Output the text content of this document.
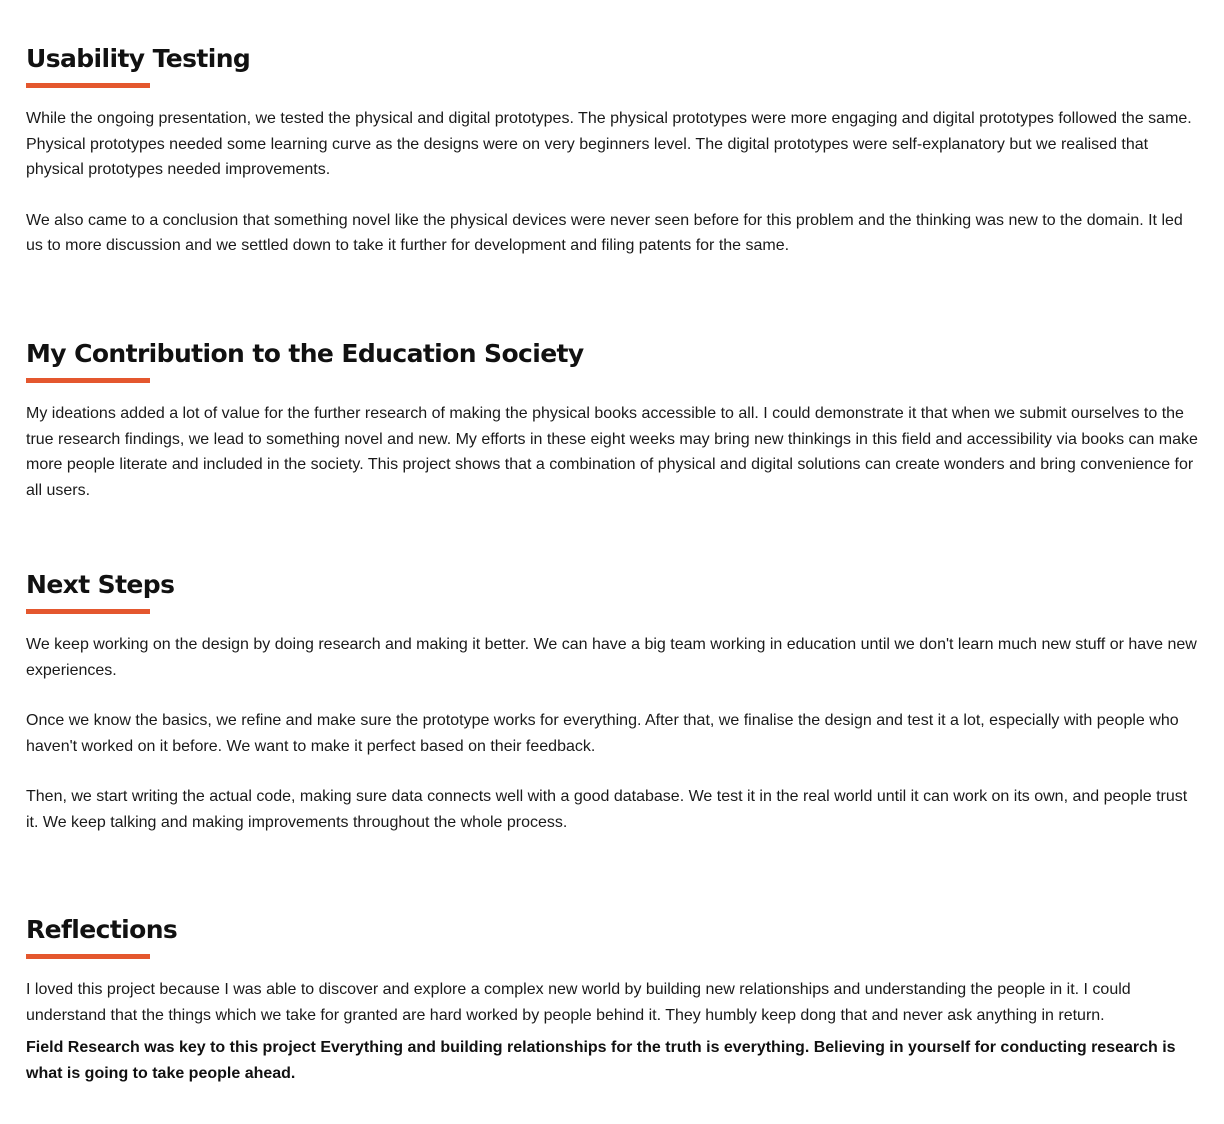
Usability Testing

While the ongoing presentation, we tested the physical and digital prototypes. The physical prototypes were more engaging and digital prototypes followed the same. Physical prototypes needed some learning curve as the designs were on very beginners level. The digital prototypes were self-explanatory but we realised that physical prototypes needed improvements.

We also came to a conclusion that something novel like the physical devices were never seen before for this problem and the thinking was new to the domain. It led us to more discussion and we settled down to take it further for development and filing patents for the same.

My Contribution to the Education Society

My ideations added a lot of value for the further research of making the physical books accessible to all. I could demonstrate it that when we submit ourselves to the true research findings, we lead to something novel and new. My efforts in these eight weeks may bring new thinkings in this field and accessibility via books can make more people literate and included in the society. This project shows that a combination of physical and digital solutions can create wonders and bring convenience for all users.

Next Steps

We keep working on the design by doing research and making it better. We can have a big team working in education until we don't learn much new stuff or have new experiences.

Once we know the basics, we refine and make sure the prototype works for everything. After that, we finalise the design and test it a lot, especially with people who haven't worked on it before. We want to make it perfect based on their feedback.

Then, we start writing the actual code, making sure data connects well with a good database. We test it in the real world until it can work on its own, and people trust it. We keep talking and making improvements throughout the whole process.

Reflections

I loved this project because I was able to discover and explore a complex new world by building new relationships and understanding the people in it. I could understand that the things which we take for granted are hard worked by people behind it. They humbly keep dong that and never ask anything in return.

Field Research was key to this project Everything and building relationships for the truth is everything. Believing in yourself for conducting research is what is going to take people ahead.
